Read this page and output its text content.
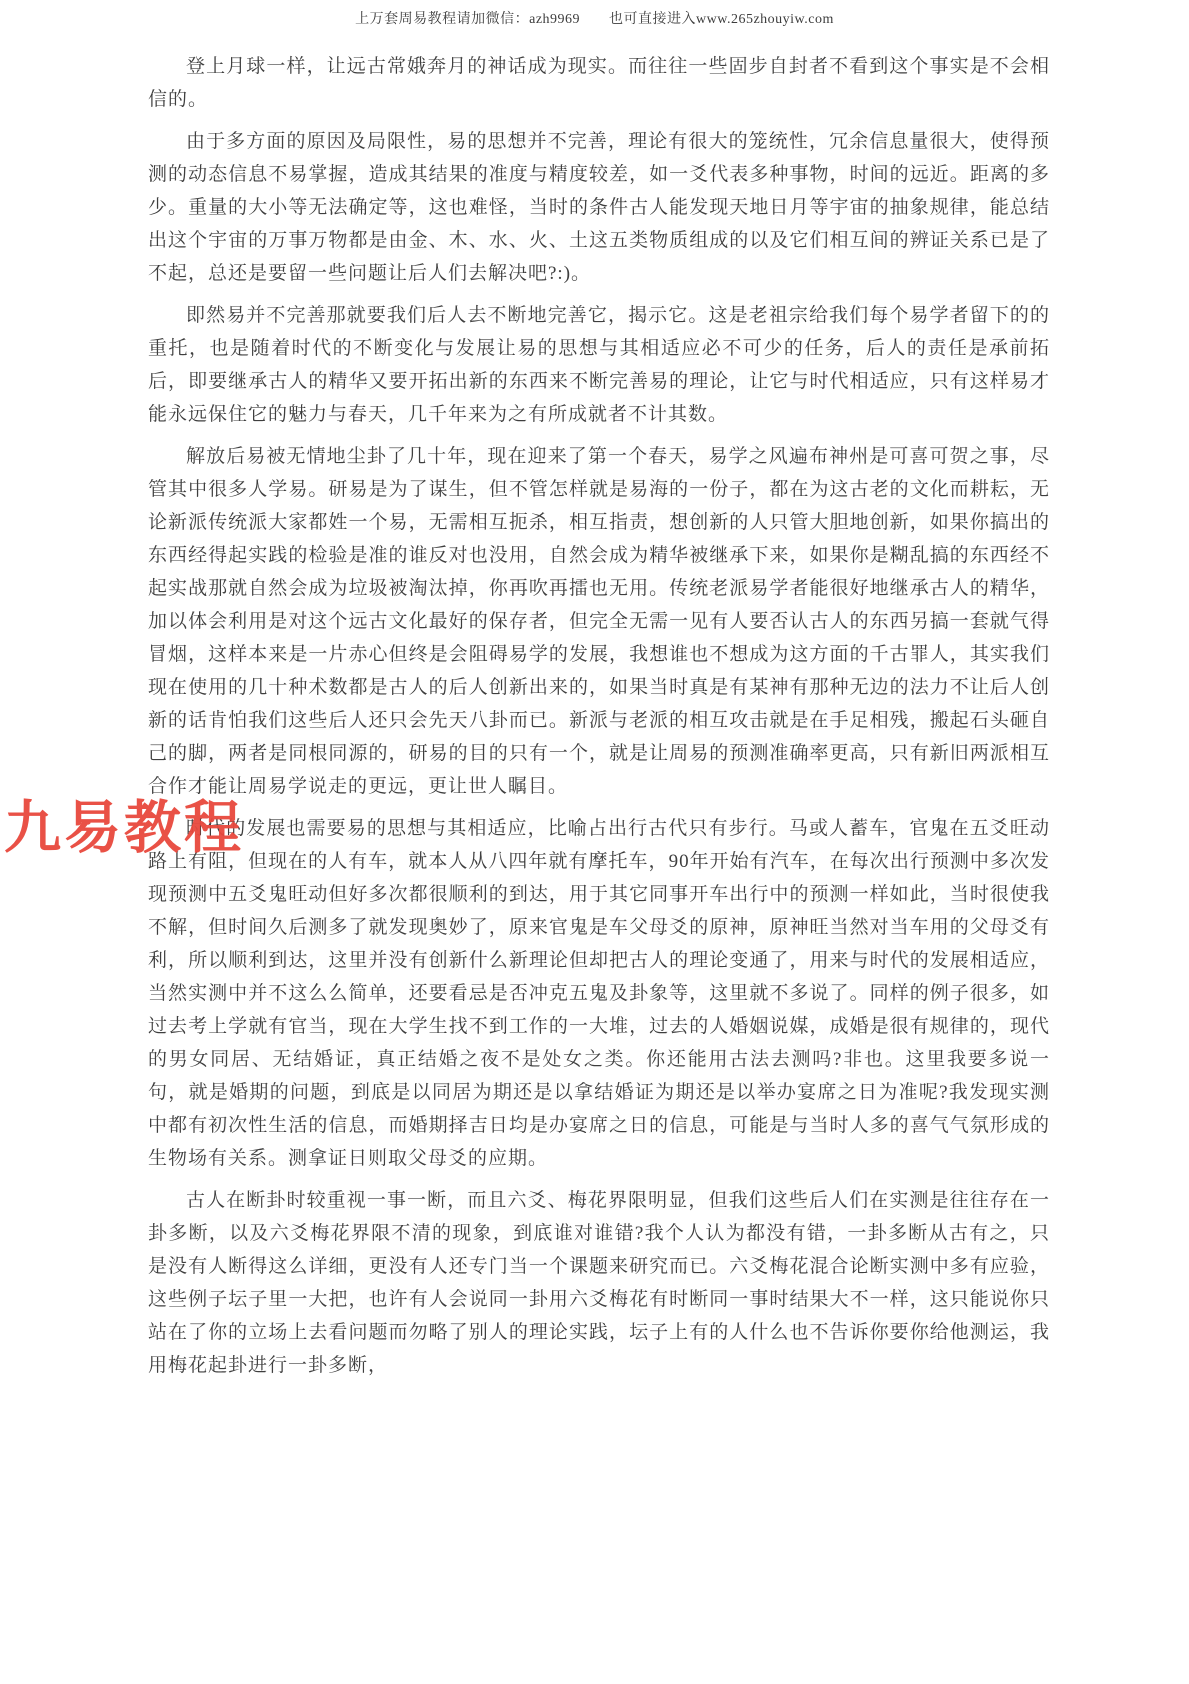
上万套周易教程请加微信：azh9969　　也可直接进入www.265zhouyiw.com

登上月球一样，让远古常娥奔月的神话成为现实。而往往一些固步自封者不看到这个事实是不会相信的。

由于多方面的原因及局限性，易的思想并不完善，理论有很大的笼统性，冗余信息量很大，使得预测的动态信息不易掌握，造成其结果的准度与精度较差，如一爻代表多种事物，时间的远近。距离的多少。重量的大小等无法确定等，这也难怪，当时的条件古人能发现天地日月等宇宙的抽象规律，能总结出这个宇宙的万事万物都是由金、木、水、火、土这五类物质组成的以及它们相互间的辨证关系已是了不起，总还是要留一些问题让后人们去解决吧?:)。

即然易并不完善那就要我们后人去不断地完善它，揭示它。这是老祖宗给我们每个易学者留下的的重托，也是随着时代的不断变化与发展让易的思想与其相适应必不可少的任务，后人的责任是承前拓后，即要继承古人的精华又要开拓出新的东西来不断完善易的理论，让它与时代相适应，只有这样易才能永远保住它的魅力与春天，几千年来为之有所成就者不计其数。

解放后易被无情地尘卦了几十年，现在迎来了第一个春天，易学之风遍布神州是可喜可贺之事，尽管其中很多人学易。研易是为了谋生，但不管怎样就是易海的一份子，都在为这古老的文化而耕耘，无论新派传统派大家都姓一个易，无需相互扼杀，相互指责，想创新的人只管大胆地创新，如果你搞出的东西经得起实践的检验是准的谁反对也没用，自然会成为精华被继承下来，如果你是糊乱搞的东西经不起实战那就自然会成为垃圾被淘汰掉，你再吹再擂也无用。传统老派易学者能很好地继承古人的精华，加以体会利用是对这个远古文化最好的保存者，但完全无需一见有人要否认古人的东西另搞一套就气得冒烟，这样本来是一片赤心但终是会阻碍易学的发展，我想谁也不想成为这方面的千古罪人，其实我们现在使用的几十种术数都是古人的后人创新出来的，如果当时真是有某神有那种无边的法力不让后人创新的话肯怕我们这些后人还只会先天八卦而已。新派与老派的相互攻击就是在手足相残，搬起石头砸自己的脚，两者是同根同源的，研易的目的只有一个，就是让周易的预测准确率更高，只有新旧两派相互合作才能让周易学说走的更远，更让世人瞩目。

时代的发展也需要易的思想与其相适应，比喻占出行古代只有步行。马或人蓄车，官鬼在五爻旺动路上有阻，但现在的人有车，就本人从八四年就有摩托车，90年开始有汽车，在每次出行预测中多次发现预测中五爻鬼旺动但好多次都很顺利的到达，用于其它同事开车出行中的预测一样如此，当时很使我不解，但时间久后测多了就发现奥妙了，原来官鬼是车父母爻的原神，原神旺当然对当车用的父母爻有利，所以顺利到达，这里并没有创新什么新理论但却把古人的理论变通了，用来与时代的发展相适应，当然实测中并不这么么简单，还要看忌是否冲克五鬼及卦象等，这里就不多说了。同样的例子很多，如过去考上学就有官当，现在大学生找不到工作的一大堆，过去的人婚姻说媒，成婚是很有规律的，现代的男女同居、无结婚证，真正结婚之夜不是处女之类。你还能用古法去测吗?非也。这里我要多说一句，就是婚期的问题，到底是以同居为期还是以拿结婚证为期还是以举办宴席之日为准呢?我发现实测中都有初次性生活的信息，而婚期择吉日均是办宴席之日的信息，可能是与当时人多的喜气气氛形成的生物场有关系。测拿证日则取父母爻的应期。

古人在断卦时较重视一事一断，而且六爻、梅花界限明显，但我们这些后人们在实测是往往存在一卦多断，以及六爻梅花界限不清的现象，到底谁对谁错?我个人认为都没有错，一卦多断从古有之，只是没有人断得这么详细，更没有人还专门当一个课题来研究而已。六爻梅花混合论断实测中多有应验，这些例子坛子里一大把，也许有人会说同一卦用六爻梅花有时断同一事时结果大不一样，这只能说你只站在了你的立场上去看问题而勿略了别人的理论实践，坛子上有的人什么也不告诉你要你给他测运，我用梅花起卦进行一卦多断，

九易教程
